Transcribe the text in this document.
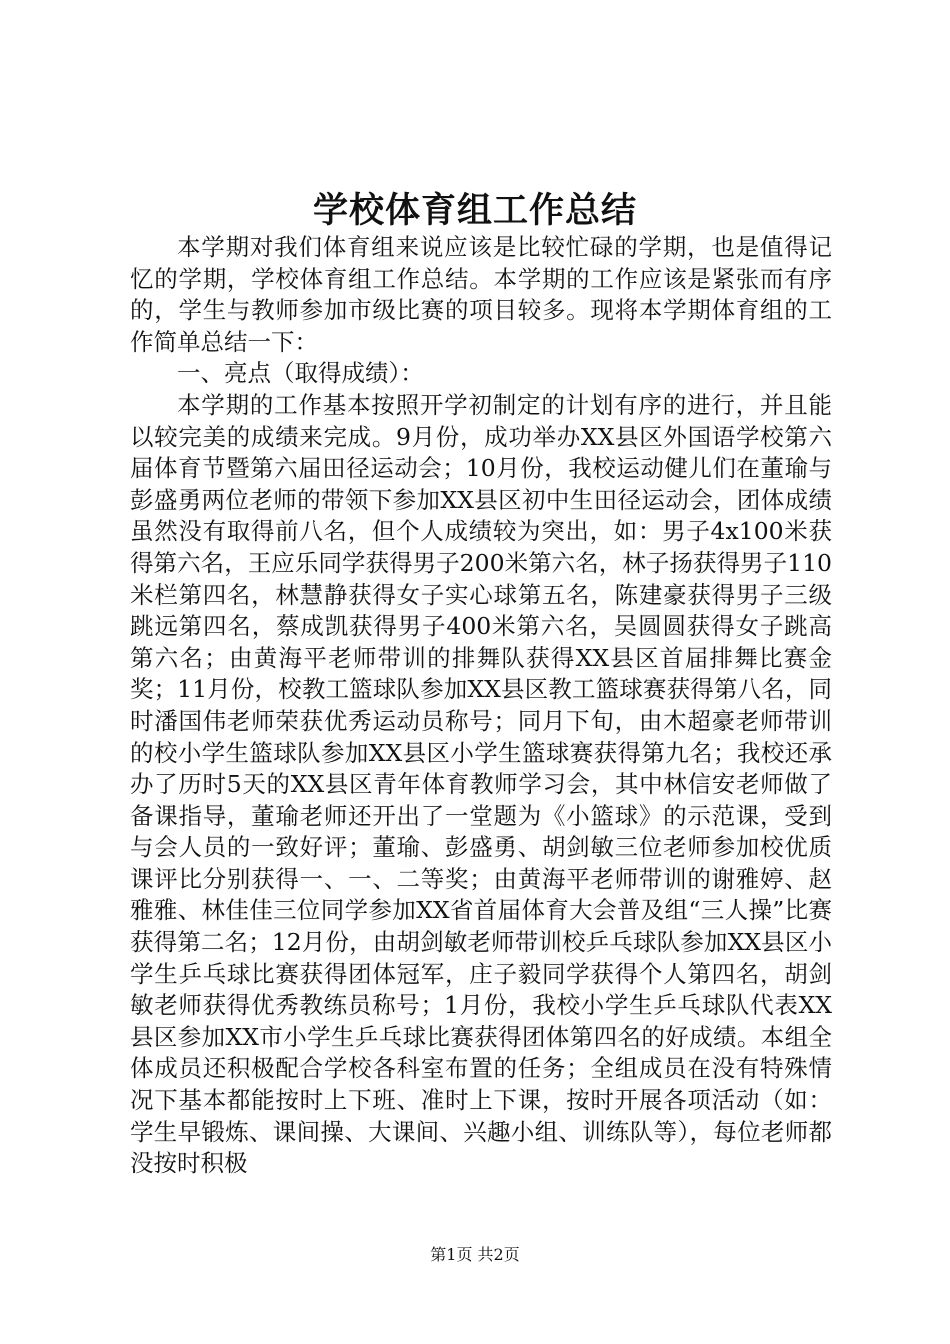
学校体育组工作总结

本学期对我们体育组来说应该是比较忙碌的学期，也是值得记忆的学期，学校体育组工作总结。本学期的工作应该是紧张而有序的，学生与教师参加市级比赛的项目较多。现将本学期体育组的工作简单总结一下：

一、亮点（取得成绩）：

本学期的工作基本按照开学初制定的计划有序的进行，并且能以较完美的成绩来完成。9月份，成功举办XX县区外国语学校第六届体育节暨第六届田径运动会；10月份，我校运动健儿们在董瑜与彭盛勇两位老师的带领下参加XX县区初中生田径运动会，团体成绩虽然没有取得前八名，但个人成绩较为突出，如：男子4x100米获得第六名，王应乐同学获得男子200米第六名，林子扬获得男子110米栏第四名，林慧静获得女子实心球第五名，陈建豪获得男子三级跳远第四名，蔡成凯获得男子400米第六名，吴圆圆获得女子跳高第六名；由黄海平老师带训的排舞队获得XX县区首届排舞比赛金奖；11月份，校教工篮球队参加XX县区教工篮球赛获得第八名，同时潘国伟老师荣获优秀运动员称号；同月下旬，由木超豪老师带训的校小学生篮球队参加XX县区小学生篮球赛获得第九名；我校还承办了历时5天的XX县区青年体育教师学习会，其中林信安老师做了备课指导，董瑜老师还开出了一堂题为《小篮球》的示范课，受到与会人员的一致好评；董瑜、彭盛勇、胡剑敏三位老师参加校优质课评比分别获得一、一、二等奖；由黄海平老师带训的谢雅婷、赵雅雅、林佳佳三位同学参加XX省首届体育大会普及组“三人操”比赛获得第二名；12月份，由胡剑敏老师带训校乒乓球队参加XX县区小学生乒乓球比赛获得团体冠军，庄子毅同学获得个人第四名，胡剑敏老师获得优秀教练员称号；1月份，我校小学生乒乓球队代表XX县区参加XX市小学生乒乓球比赛获得团体第四名的好成绩。本组全体成员还积极配合学校各科室布置的任务；全组成员在没有特殊情况下基本都能按时上下班、准时上下课，按时开展各项活动（如：学生早锻炼、课间操、大课间、兴趣小组、训练队等），每位老师都没按时积极

第1页 共2页
